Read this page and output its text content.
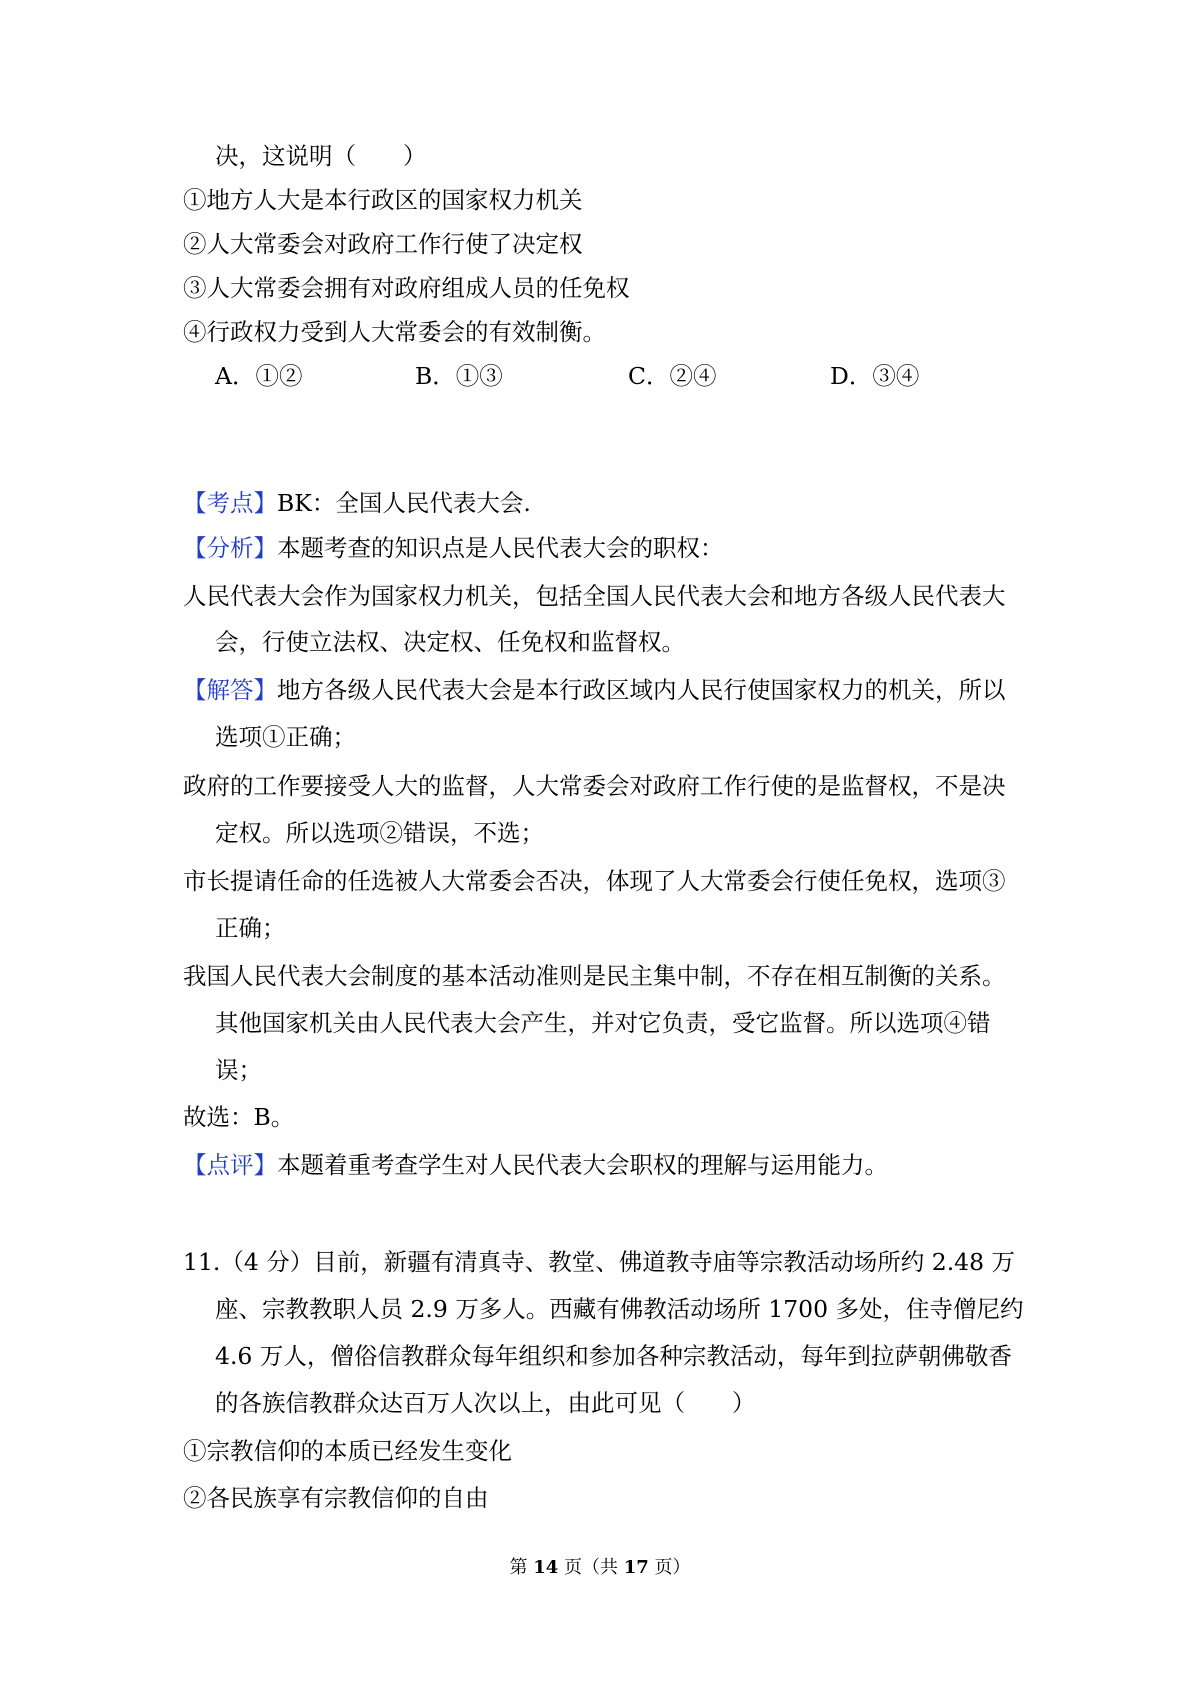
决，这说明（　　）
①地方人大是本行政区的国家权力机关
②人大常委会对政府工作行使了决定权
③人大常委会拥有对政府组成人员的任免权
④行政权力受到人大常委会的有效制衡。
A．①②	B．①③	C．②④	D．③④
【考点】BK：全国人民代表大会.
【分析】本题考查的知识点是人民代表大会的职权：
人民代表大会作为国家权力机关，包括全国人民代表大会和地方各级人民代表大
会，行使立法权、决定权、任免权和监督权。
【解答】地方各级人民代表大会是本行政区域内人民行使国家权力的机关，所以
选项①正确；
政府的工作要接受人大的监督，人大常委会对政府工作行使的是监督权，不是决
定权。所以选项②错误，不选；
市长提请任命的任选被人大常委会否决，体现了人大常委会行使任免权，选项③
正确；
我国人民代表大会制度的基本活动准则是民主集中制，不存在相互制衡的关系。
其他国家机关由人民代表大会产生，并对它负责，受它监督。所以选项④错
误；
故选：B。
【点评】本题着重考查学生对人民代表大会职权的理解与运用能力。
11.（4 分）目前，新疆有清真寺、教堂、佛道教寺庙等宗教活动场所约 2.48 万
座、宗教教职人员 2.9 万多人。西藏有佛教活动场所 1700 多处，住寺僧尼约
4.6 万人，僧俗信教群众每年组织和参加各种宗教活动，每年到拉萨朝佛敬香
的各族信教群众达百万人次以上，由此可见（　　）
①宗教信仰的本质已经发生变化
②各民族享有宗教信仰的自由
第 14 页（共 17 页）
